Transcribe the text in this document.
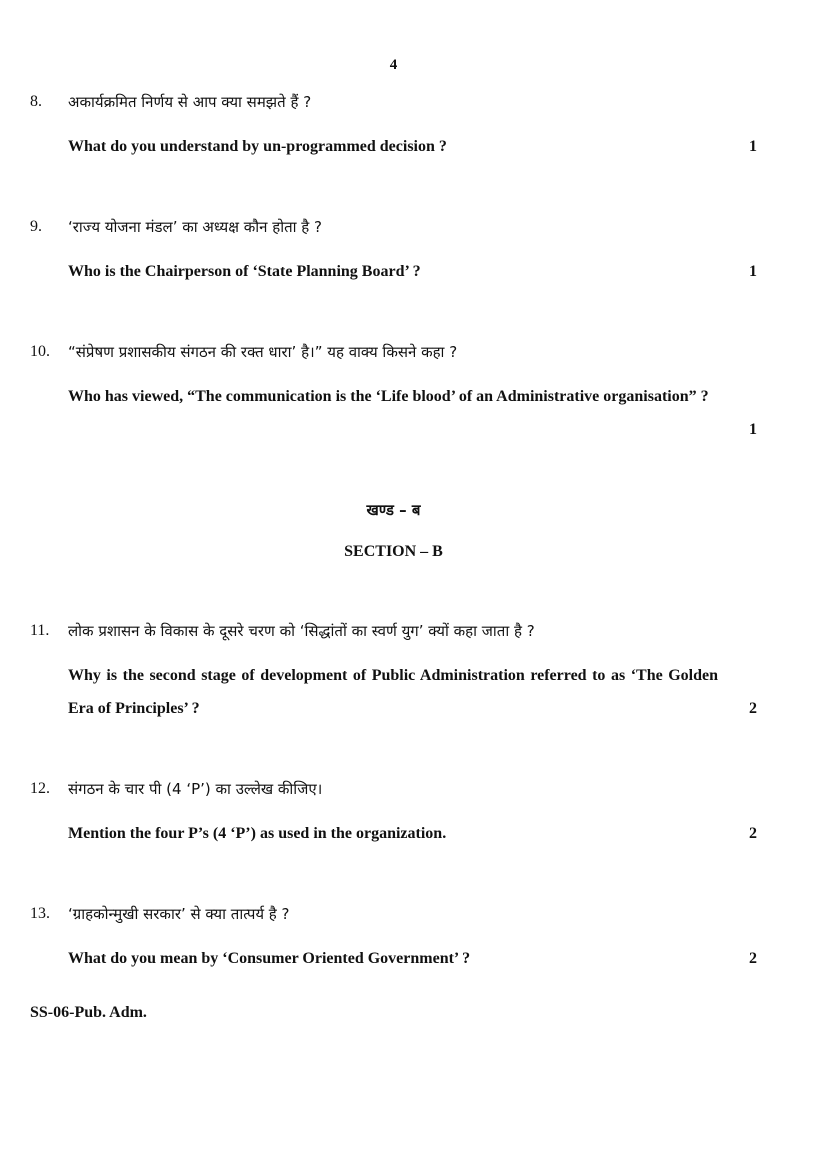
4
8. अकार्यक्रमित निर्णय से आप क्या समझते हैं ?
What do you understand by un-programmed decision ?	1
9. ‘राज्य योजना मंडल’ का अध्यक्ष कौन होता है ?
Who is the Chairperson of ‘State Planning Board’ ?	1
10. “संप्रेषण प्रशासकीय संगठन की रक्त धारा’ है।” यह वाक्य किसने कहा ?
Who has viewed, “The communication is the ‘Life blood’ of an Administrative organisation” ?
1
खण्ड – ब
SECTION – B
11. लोक प्रशासन के विकास के दूसरे चरण को ‘सिद्धांतों का स्वर्ण युग’ क्यों कहा जाता है ?
Why is the second stage of development of Public Administration referred to as ‘The Golden Era of Principles’ ?	2
12. संगठन के चार पी (4 ‘P’) का उल्लेख कीजिए।
Mention the four P’s (4 ‘P’) as used in the organization.	2
13. ‘ग्राहकोन्मुखी सरकार’ से क्या तात्पर्य है ?
What do you mean by ‘Consumer Oriented Government’ ?	2
SS-06-Pub. Adm.
